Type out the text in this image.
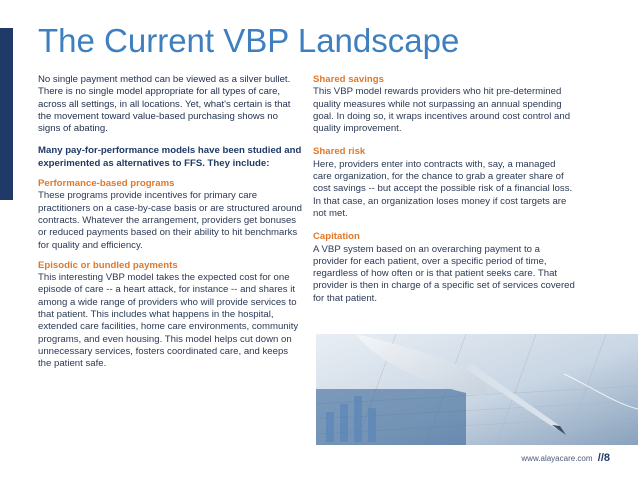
The Current VBP Landscape

No single payment method can be viewed as a silver bullet. There is no single model appropriate for all types of care, across all settings, in all locations. Yet, what's certain is that the movement toward value-based purchasing shows no signs of abating.

Many pay-for-performance models have been studied and experimented as alternatives to FFS. They include:

Performance-based programs

These programs provide incentives for primary care practitioners on a case-by-case basis or are structured around contracts. Whatever the arrangement, providers get bonuses or reduced payments based on their ability to hit benchmarks for quality and efficiency.

Episodic or bundled payments

This interesting VBP model takes the expected cost for one episode of care -- a heart attack, for instance -- and shares it among a wide range of providers who will provide services to that patient. This includes what happens in the hospital, extended care facilities, home care environments, community programs, and even housing. This model helps cut down on unnecessary services, fosters coordinated care, and keeps the patient safe.

Shared savings

This VBP model rewards providers who hit pre-determined quality measures while not surpassing an annual spending goal. In doing so, it wraps incentives around cost control and quality improvement.

Shared risk

Here, providers enter into contracts with, say, a managed care organization, for the chance to grab a greater share of cost savings -- but accept the possible risk of a financial loss. In that case, an organization loses money if cost targets are not met.

Capitation

A VBP system based on an overarching payment to a provider for each patient, over a specific period of time, regardless of how often or is that patient seeks care. That provider is then in charge of a specific set of services covered for that patient.

www.alayacare.com //8
